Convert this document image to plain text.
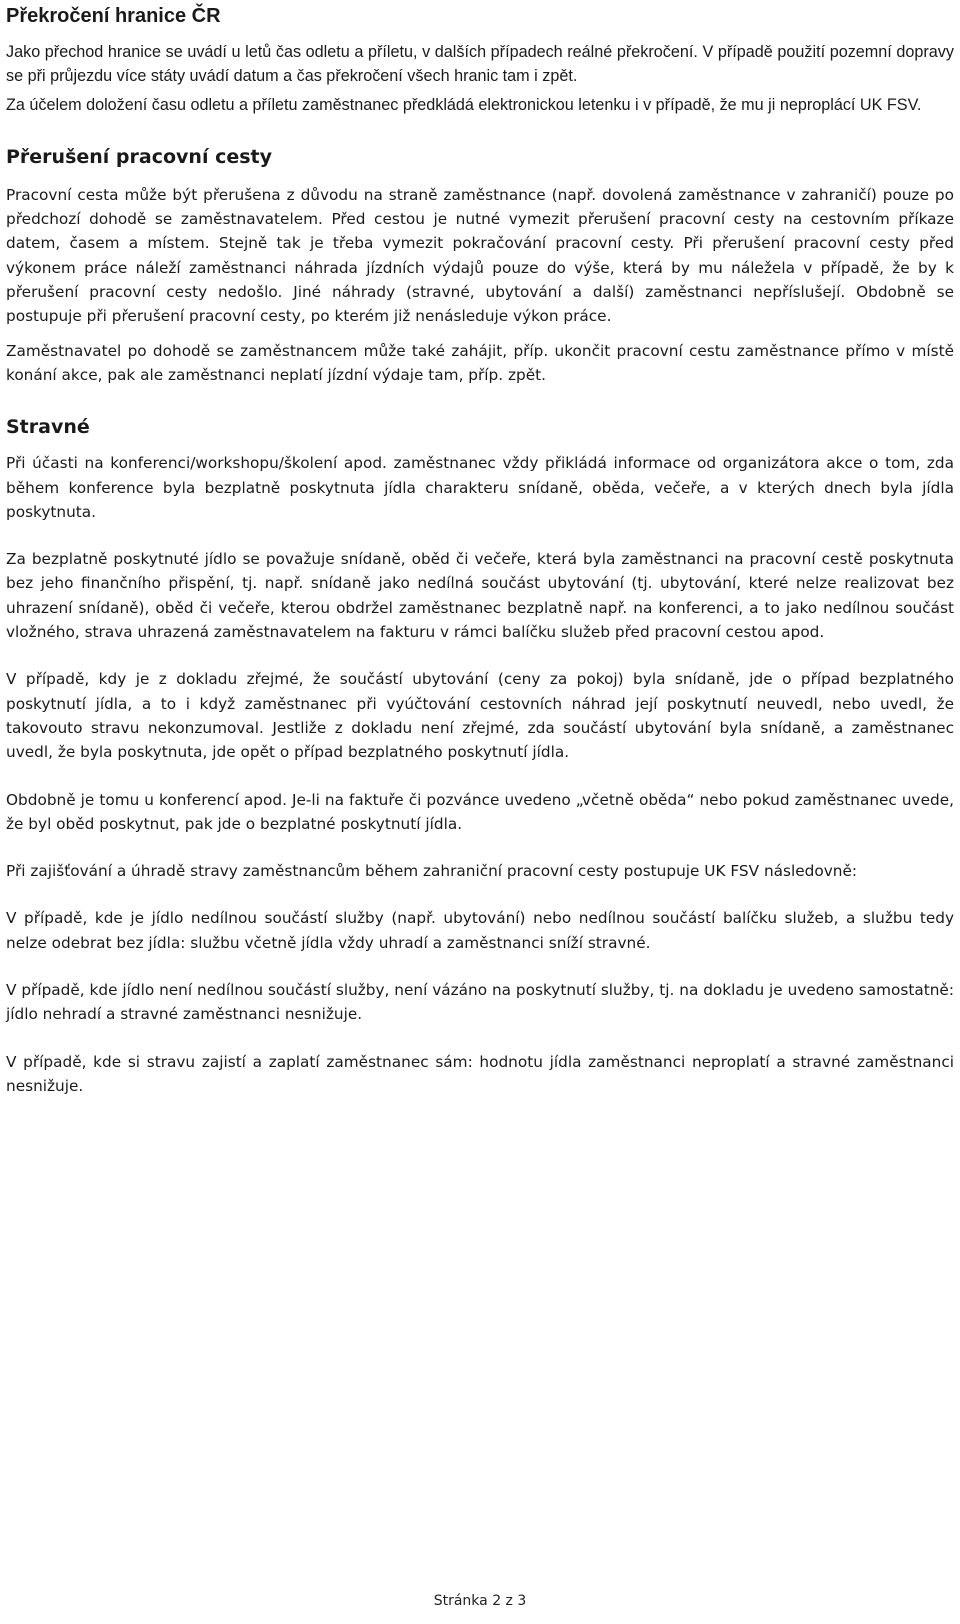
Překročení hranice ČR

Jako přechod hranice se uvádí u letů čas odletu a příletu, v dalších případech reálné překročení. V případě použití pozemní dopravy se při průjezdu více státy uvádí datum a čas překročení všech hranic tam i zpět.

Za účelem doložení času odletu a příletu zaměstnanec předkládá elektronickou letenku i v případě, že mu ji neproplácí UK FSV.

Přerušení pracovní cesty

Pracovní cesta může být přerušena z důvodu na straně zaměstnance (např. dovolená zaměstnance v zahraničí) pouze po předchozí dohodě se zaměstnavatelem. Před cestou je nutné vymezit přerušení pracovní cesty na cestovním příkaze datem, časem a místem. Stejně tak je třeba vymezit pokračování pracovní cesty. Při přerušení pracovní cesty před výkonem práce náleží zaměstnanci náhrada jízdních výdajů pouze do výše, která by mu náležela v případě, že by k přerušení pracovní cesty nedošlo. Jiné náhrady (stravné, ubytování a další) zaměstnanci nepříslušejí. Obdobně se postupuje při přerušení pracovní cesty, po kterém již nenásleduje výkon práce.

Zaměstnavatel po dohodě se zaměstnancem může také zahájit, příp. ukončit pracovní cestu zaměstnance přímo v místě konání akce, pak ale zaměstnanci neplatí jízdní výdaje tam, příp. zpět.

Stravné

Při účasti na konferenci/workshopu/školení apod. zaměstnanec vždy přikládá informace od organizátora akce o tom, zda během konference byla bezplatně poskytnuta jídla charakteru snídaně, oběda, večeře, a v kterých dnech byla jídla poskytnuta.

Za bezplatně poskytnuté jídlo se považuje snídaně, oběd či večeře, která byla zaměstnanci na pracovní cestě poskytnuta bez jeho finančního přispění, tj. např. snídaně jako nedílná součást ubytování (tj. ubytování, které nelze realizovat bez uhrazení snídaně), oběd či večeře, kterou obdržel zaměstnanec bezplatně např. na konferenci, a to jako nedílnou součást vložného, strava uhrazená zaměstnavatelem na fakturu v rámci balíčku služeb před pracovní cestou apod.

V případě, kdy je z dokladu zřejmé, že součástí ubytování (ceny za pokoj) byla snídaně, jde o případ bezplatného poskytnutí jídla, a to i když zaměstnanec při vyúčtování cestovních náhrad její poskytnutí neuvedl, nebo uvedl, že takovouto stravu nekonzumoval. Jestliže z dokladu není zřejmé, zda součástí ubytování byla snídaně, a zaměstnanec uvedl, že byla poskytnuta, jde opět o případ bezplatného poskytnutí jídla.

Obdobně je tomu u konferencí apod. Je-li na faktuře či pozvánce uvedeno „včetně oběda“ nebo pokud zaměstnanec uvede, že byl oběd poskytnut, pak jde o bezplatné poskytnutí jídla.

Při zajišťování a úhradě stravy zaměstnancům během zahraniční pracovní cesty postupuje UK FSV následovně:

V případě, kde je jídlo nedílnou součástí služby (např. ubytování) nebo nedílnou součástí balíčku služeb, a službu tedy nelze odebrat bez jídla: službu včetně jídla vždy uhradí a zaměstnanci sníží stravné.

V případě, kde jídlo není nedílnou součástí služby, není vázáno na poskytnutí služby, tj. na dokladu je uvedeno samostatně: jídlo nehradí a stravné zaměstnanci nesnižuje.

V případě, kde si stravu zajistí a zaplatí zaměstnanec sám: hodnotu jídla zaměstnanci neproplatí a stravné zaměstnanci nesnižuje.

Stránka 2 z 3
